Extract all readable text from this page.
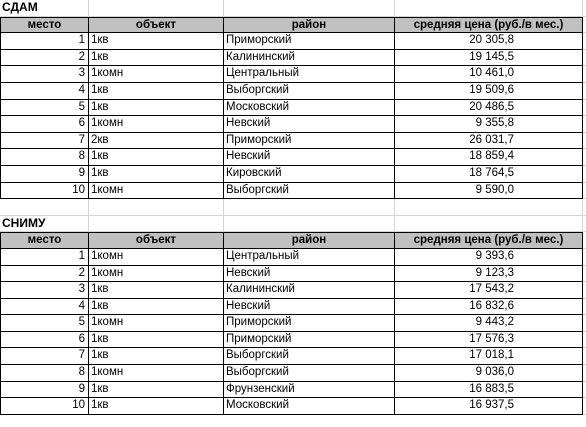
СДАМ
место	объект	район	средняя цена (руб./в мес.)
1 1кв	Приморский	20 305,8
2 1кв	Калининский	19 145,5
3 1комн	Центральный	10 461,0
4 1кв	Выборгский	19 509,6
5 1кв	Московский	20 486,5
6 1комн	Невский	9 355,8
7 2кв	Приморский	26 031,7
8 1кв	Невский	18 859,4
9 1кв	Кировский	18 764,5
10 1комн	Выборгский	9 590,0
СНИМУ
место	объект	район	средняя цена (руб./в мес.)
1 1комн	Центральный	9 393,6
2 1комн	Невский	9 123,3
3 1кв	Калининский	17 543,2
4 1кв	Невский	16 832,6
5 1комн	Приморский	9 443,2
6 1кв	Приморский	17 576,3
7 1кв	Выборгский	17 018,1
8 1комн	Выборгский	9 036,0
9 1кв	Фрунзенский	16 883,5
10 1кв	Московский	16 937,5
